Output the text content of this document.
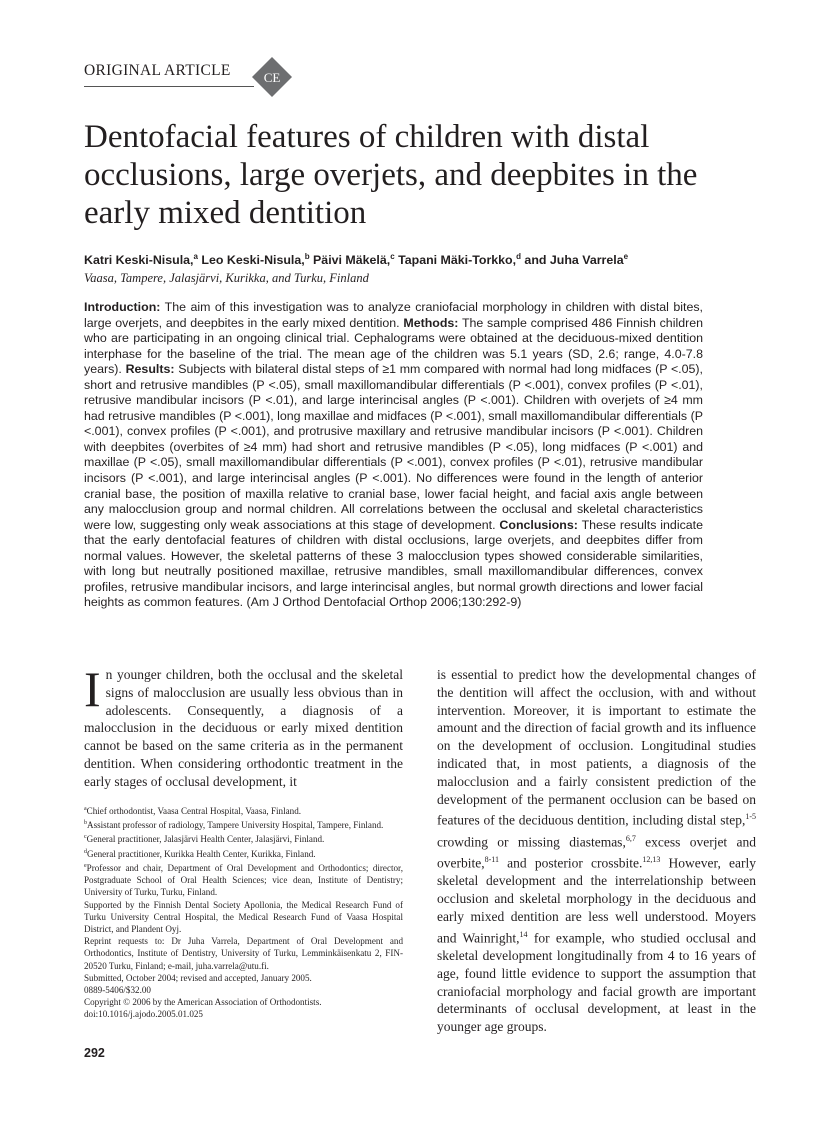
ORIGINAL ARTICLE	CE
Dentofacial features of children with distal occlusions, large overjets, and deepbites in the early mixed dentition
Katri Keski-Nisula,$^a$ Leo Keski-Nisula,$^b$ Päivi Mäkelä,$^c$ Tapani Mäki-Torkko,$^d$ and Juha Varrela$^e$
Vaasa, Tampere, Jalasjärvi, Kurikka, and Turku, Finland
Introduction: The aim of this investigation was to analyze craniofacial morphology in children with distal bites, large overjets, and deepbites in the early mixed dentition. Methods: The sample comprised 486 Finnish children who are participating in an ongoing clinical trial. Cephalograms were obtained at the deciduous-mixed dentition interphase for the baseline of the trial. The mean age of the children was 5.1 years (SD, 2.6; range, 4.0-7.8 years). Results: Subjects with bilateral distal steps of ≥1 mm compared with normal had long midfaces (P <.05), short and retrusive mandibles (P <.05), small maxillomandibular differentials (P <.001), convex profiles (P <.01), retrusive mandibular incisors (P <.01), and large interincisal angles (P <.001). Children with overjets of ≥4 mm had retrusive mandibles (P <.001), long maxillae and midfaces (P <.001), small maxillomandibular differentials (P <.001), convex profiles (P <.001), and protrusive maxillary and retrusive mandibular incisors (P <.001). Children with deepbites (overbites of ≥4 mm) had short and retrusive mandibles (P <.05), long midfaces (P <.001) and maxillae (P <.05), small maxillomandibular differentials (P <.001), convex profiles (P <.01), retrusive mandibular incisors (P <.001), and large interincisal angles (P <.001). No differences were found in the length of anterior cranial base, the position of maxilla relative to cranial base, lower facial height, and facial axis angle between any malocclusion group and normal children. All correlations between the occlusal and skeletal characteristics were low, suggesting only weak associations at this stage of development. Conclusions: These results indicate that the early dentofacial features of children with distal occlusions, large overjets, and deepbites differ from normal values. However, the skeletal patterns of these 3 malocclusion types showed considerable similarities, with long but neutrally positioned maxillae, retrusive mandibles, small maxillomandibular differences, convex profiles, retrusive mandibular incisors, and large interincisal angles, but normal growth directions and lower facial heights as common features. (Am J Orthod Dentofacial Orthop 2006;130:292-9)

In younger children, both the occlusal and the skeletal signs of malocclusion are usually less obvious than in adolescents. Consequently, a diagnosis of a malocclusion in the deciduous or early mixed dentition cannot be based on the same criteria as in the permanent dentition. When considering orthodontic treatment in the early stages of occlusal development, it

is essential to predict how the developmental changes of the dentition will affect the occlusion, with and without intervention. Moreover, it is important to estimate the amount and the direction of facial growth and its influence on the development of occlusion. Longitudinal studies indicated that, in most patients, a diagnosis of the malocclusion and a fairly consistent prediction of the development of the permanent occlusion can be based on features of the deciduous dentition, including distal step,$^{1-5}$ crowding or missing diastemas,$^{6,7}$ excess overjet and overbite,$^{8-11}$ and posterior crossbite.$^{12,13}$ However, early skeletal development and the interrelationship between occlusion and skeletal morphology in the deciduous and early mixed dentition are less well understood. Moyers and Wainright,$^{14}$ for example, who studied occlusal and skeletal development longitudinally from 4 to 16 years of age, found little evidence to support the assumption that craniofacial morphology and facial growth are important determinants of occlusal development, at least in the younger age groups.

$^a$Chief orthodontist, Vaasa Central Hospital, Vaasa, Finland.

$^b$Assistant professor of radiology, Tampere University Hospital, Tampere, Finland.

$^c$General practitioner, Jalasjärvi Health Center, Jalasjärvi, Finland.

$^d$General practitioner, Kurikka Health Center, Kurikka, Finland.

$^e$Professor and chair, Department of Oral Development and Orthodontics; director, Postgraduate School of Oral Health Sciences; vice dean, Institute of Dentistry; University of Turku, Turku, Finland.

Supported by the Finnish Dental Society Apollonia, the Medical Research Fund of Turku University Central Hospital, the Medical Research Fund of Vaasa Hospital District, and Plandent Oyj.

Reprint requests to: Dr Juha Varrela, Department of Oral Development and Orthodontics, Institute of Dentistry, University of Turku, Lemminkäisenkatu 2, FIN-20520 Turku, Finland; e-mail, juha.varrela@utu.fi.

Submitted, October 2004; revised and accepted, January 2005.

0889-5406/$32.00

Copyright © 2006 by the American Association of Orthodontists.

doi:10.1016/j.ajodo.2005.01.025

292
